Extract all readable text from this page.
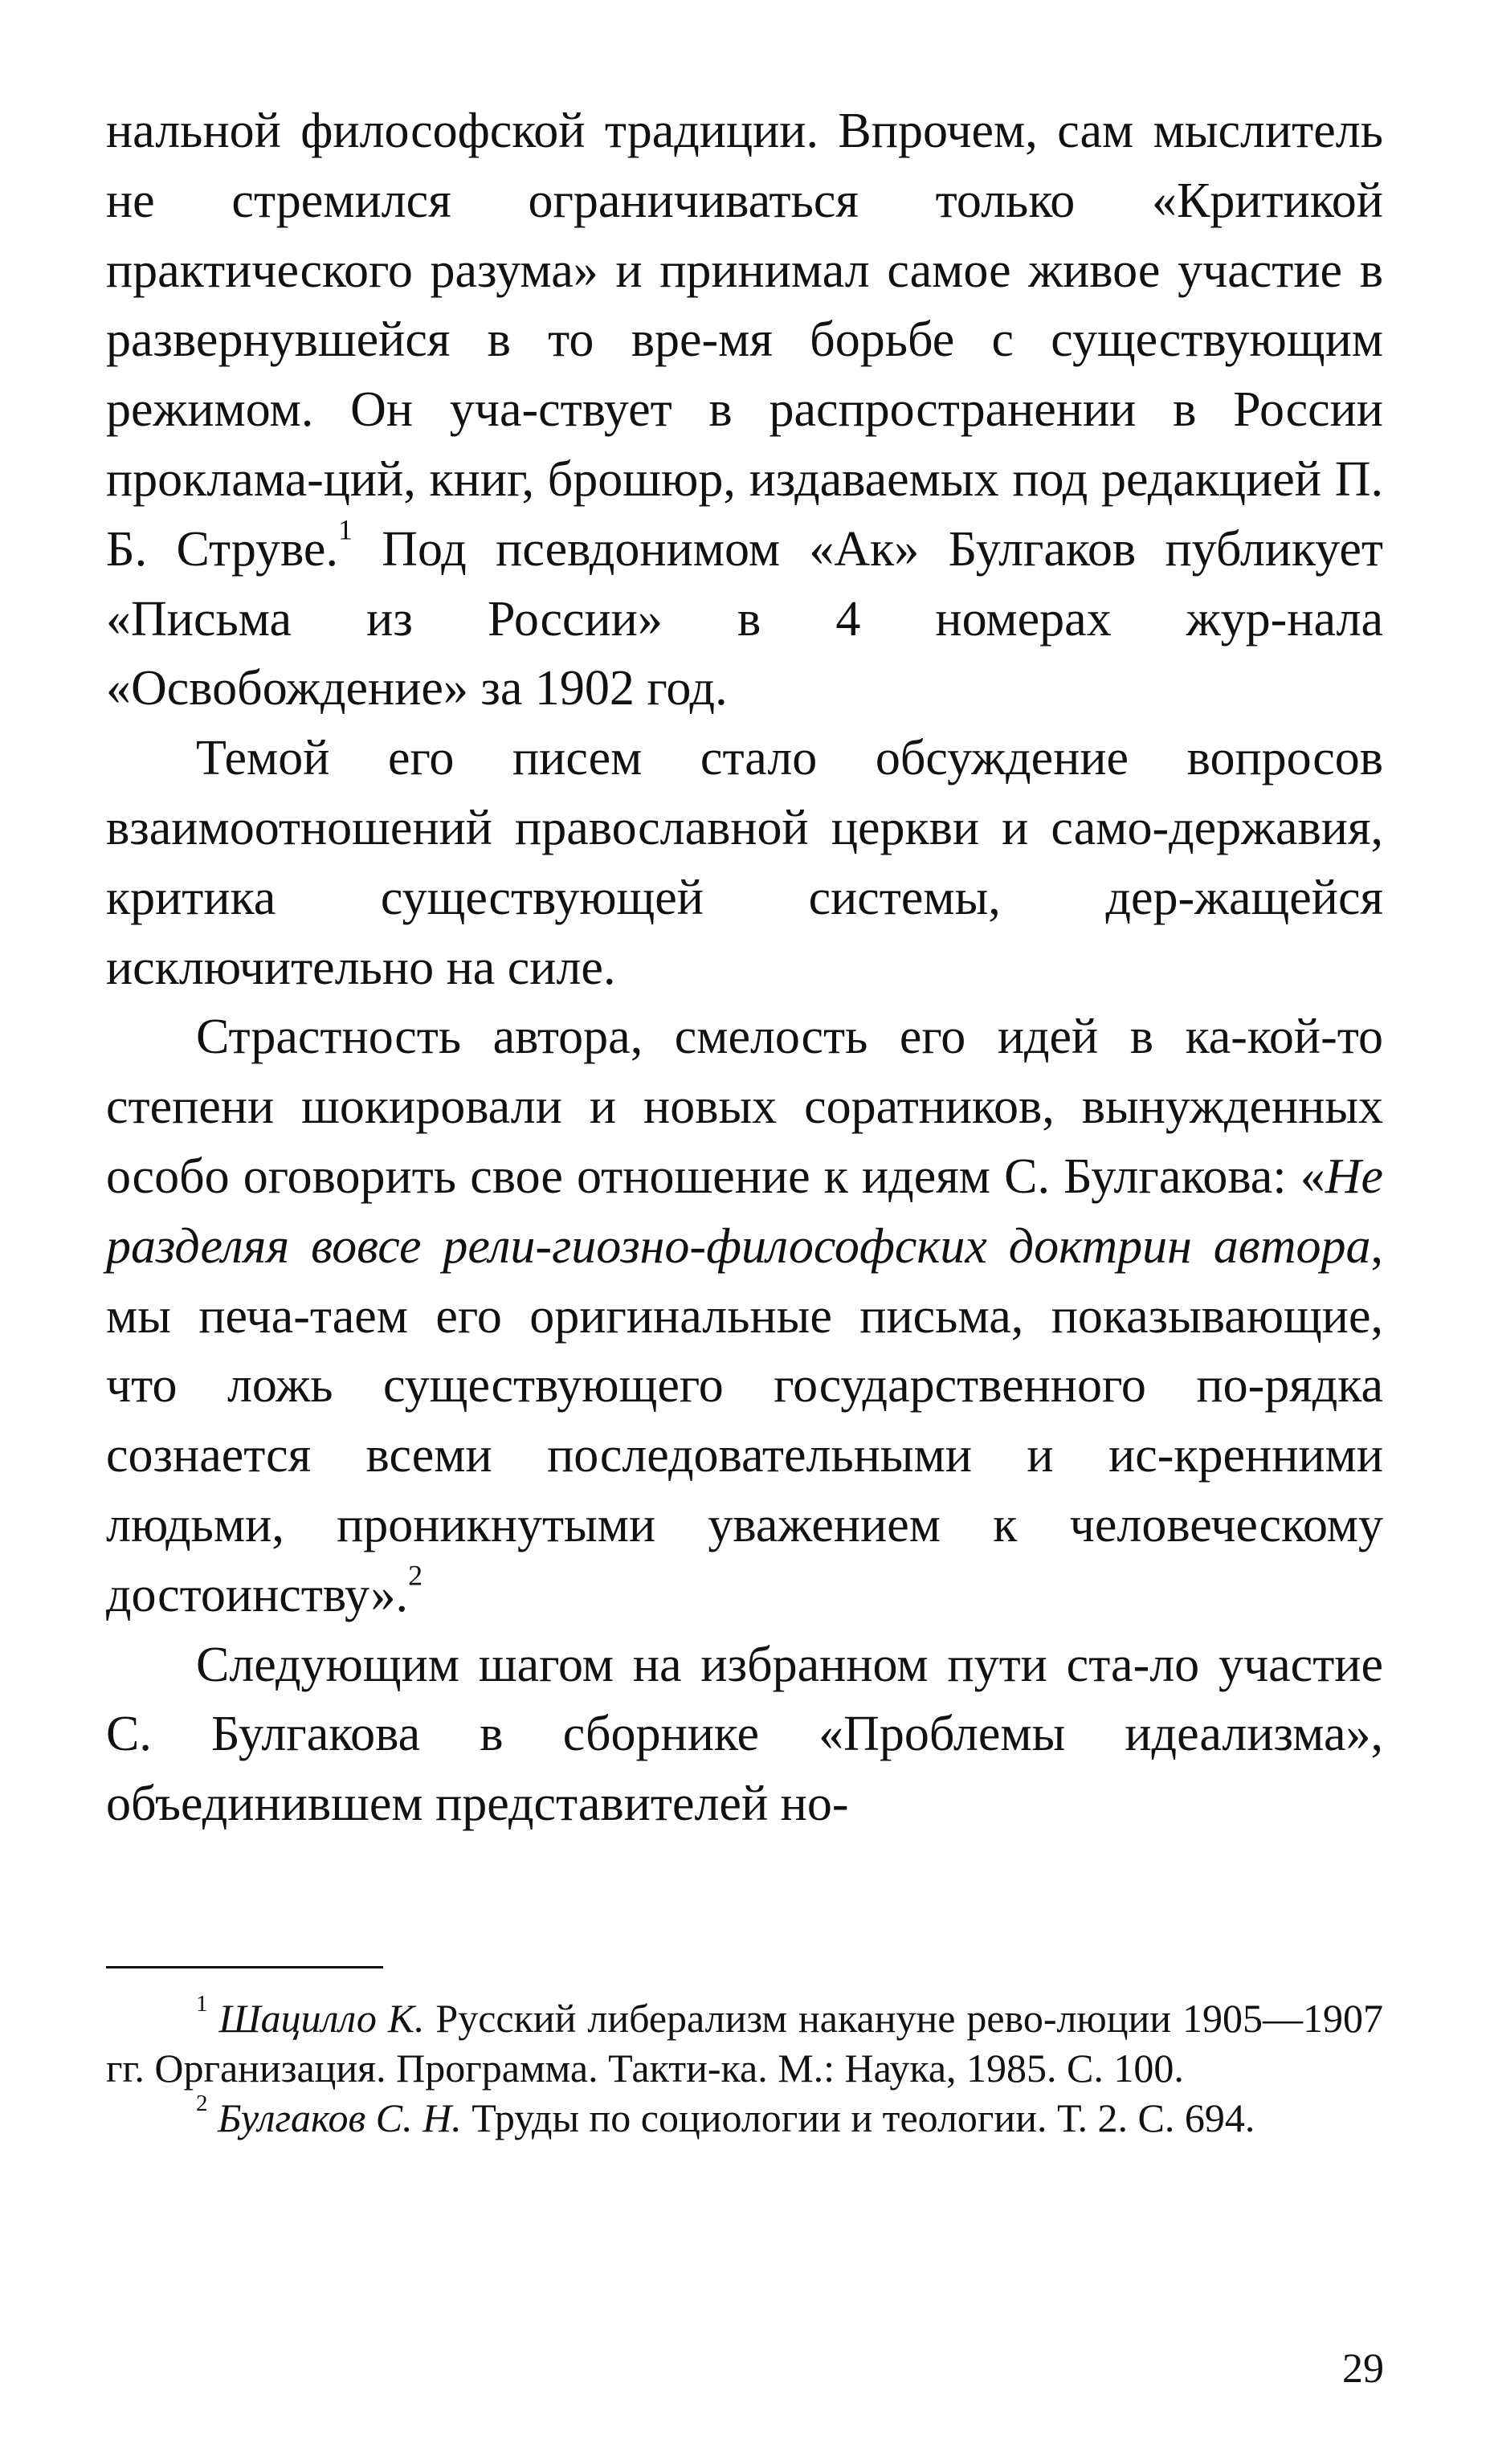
нальной философской традиции. Впрочем, сам мыслитель не стремился ограничиваться только «Критикой практического разума» и принимал самое живое участие в развернувшейся в то вре-мя борьбе с существующим режимом. Он уча-ствует в распространении в России проклама-ций, книг, брошюр, издаваемых под редакцией П. Б. Струве.$^1$ Под псевдонимом «Ак» Булгаков публикует «Письма из России» в 4 номерах жур-нала «Освобождение» за 1902 год.

Темой его писем стало обсуждение вопросов взаимоотношений православной церкви и само-державия, критика существующей системы, дер-жащейся исключительно на силе.

Страстность автора, смелость его идей в ка-кой-то степени шокировали и новых соратников, вынужденных особо оговорить свое отношение к идеям С. Булгакова: «Не разделяя вовсе рели-гиозно-философских доктрин автора, мы печа-таем его оригинальные письма, показывающие, что ложь существующего государственного по-рядка сознается всеми последовательными и ис-кренними людьми, проникнутыми уважением к человеческому достоинству».$^2$

Следующим шагом на избранном пути ста-ло участие С. Булгакова в сборнике «Проблемы идеализма», объединившем представителей но-

$^1$ Шацилло К. Русский либерализм накануне рево-люции 1905—1907 гг. Организация. Программа. Такти-ка. М.: Наука, 1985. С. 100.

$^2$ Булгаков С. Н. Труды по социологии и теологии. Т. 2. С. 694.

29
